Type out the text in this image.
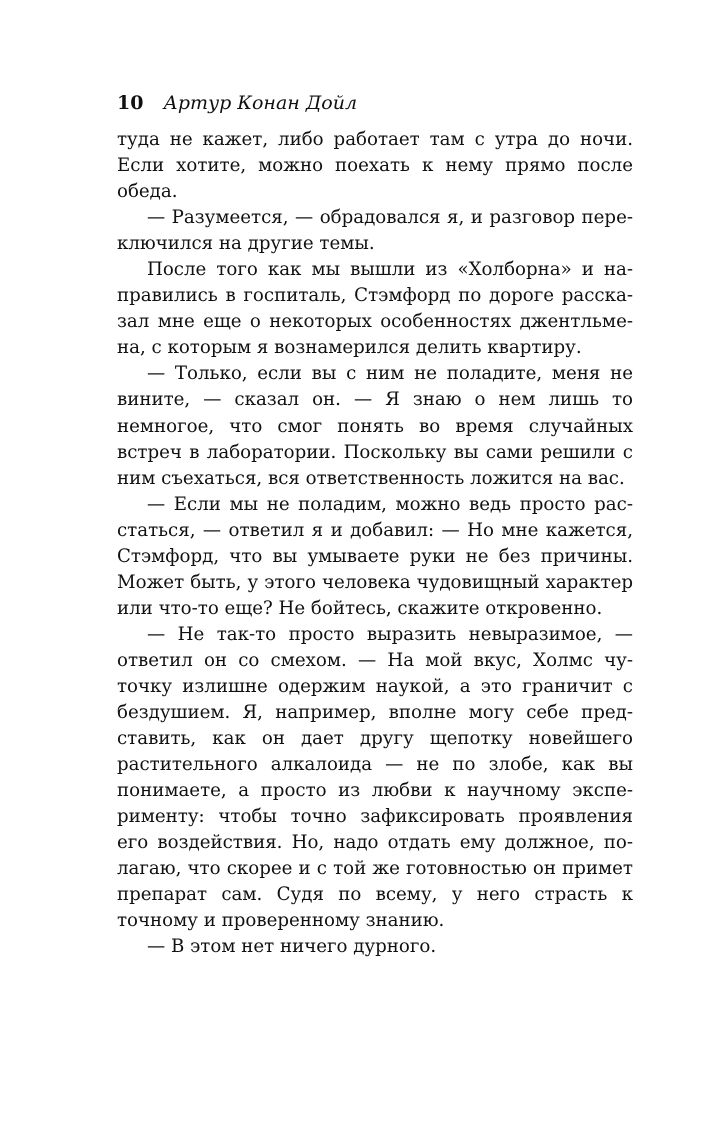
10 Артур Конан Дойл

туда не кажет, либо работает там с утра до ночи. Если хотите, можно поехать к нему прямо после обеда.

— Разумеется, — обрадовался я, и разговор переключился на другие темы.

После того как мы вышли из «Холборна» и направились в госпиталь, Стэмфорд по дороге рассказал мне еще о некоторых особенностях джентльмена, с которым я вознамерился делить квартиру.

— Только, если вы с ним не поладите, меня не вините, — сказал он. — Я знаю о нем лишь то немногое, что смог понять во время случайных встреч в лаборатории. Поскольку вы сами решили с ним съехаться, вся ответственность ложится на вас.

— Если мы не поладим, можно ведь просто расстаться, — ответил я и добавил: — Но мне кажется, Стэмфорд, что вы умываете руки не без причины. Может быть, у этого человека чудовищный характер или что-то еще? Не бойтесь, скажите откровенно.

— Не так-то просто выразить невыразимое, — ответил он со смехом. — На мой вкус, Холмс чуточку излишне одержим наукой, а это граничит с бездушием. Я, например, вполне могу себе представить, как он дает другу щепотку новейшего растительного алкалоида — не по злобе, как вы понимаете, а просто из любви к научному эксперименту: чтобы точно зафиксировать проявления его воздействия. Но, надо отдать ему должное, полагаю, что скорее и с той же готовностью он примет препарат сам. Судя по всему, у него страсть к точному и проверенному знанию.

— В этом нет ничего дурного.
